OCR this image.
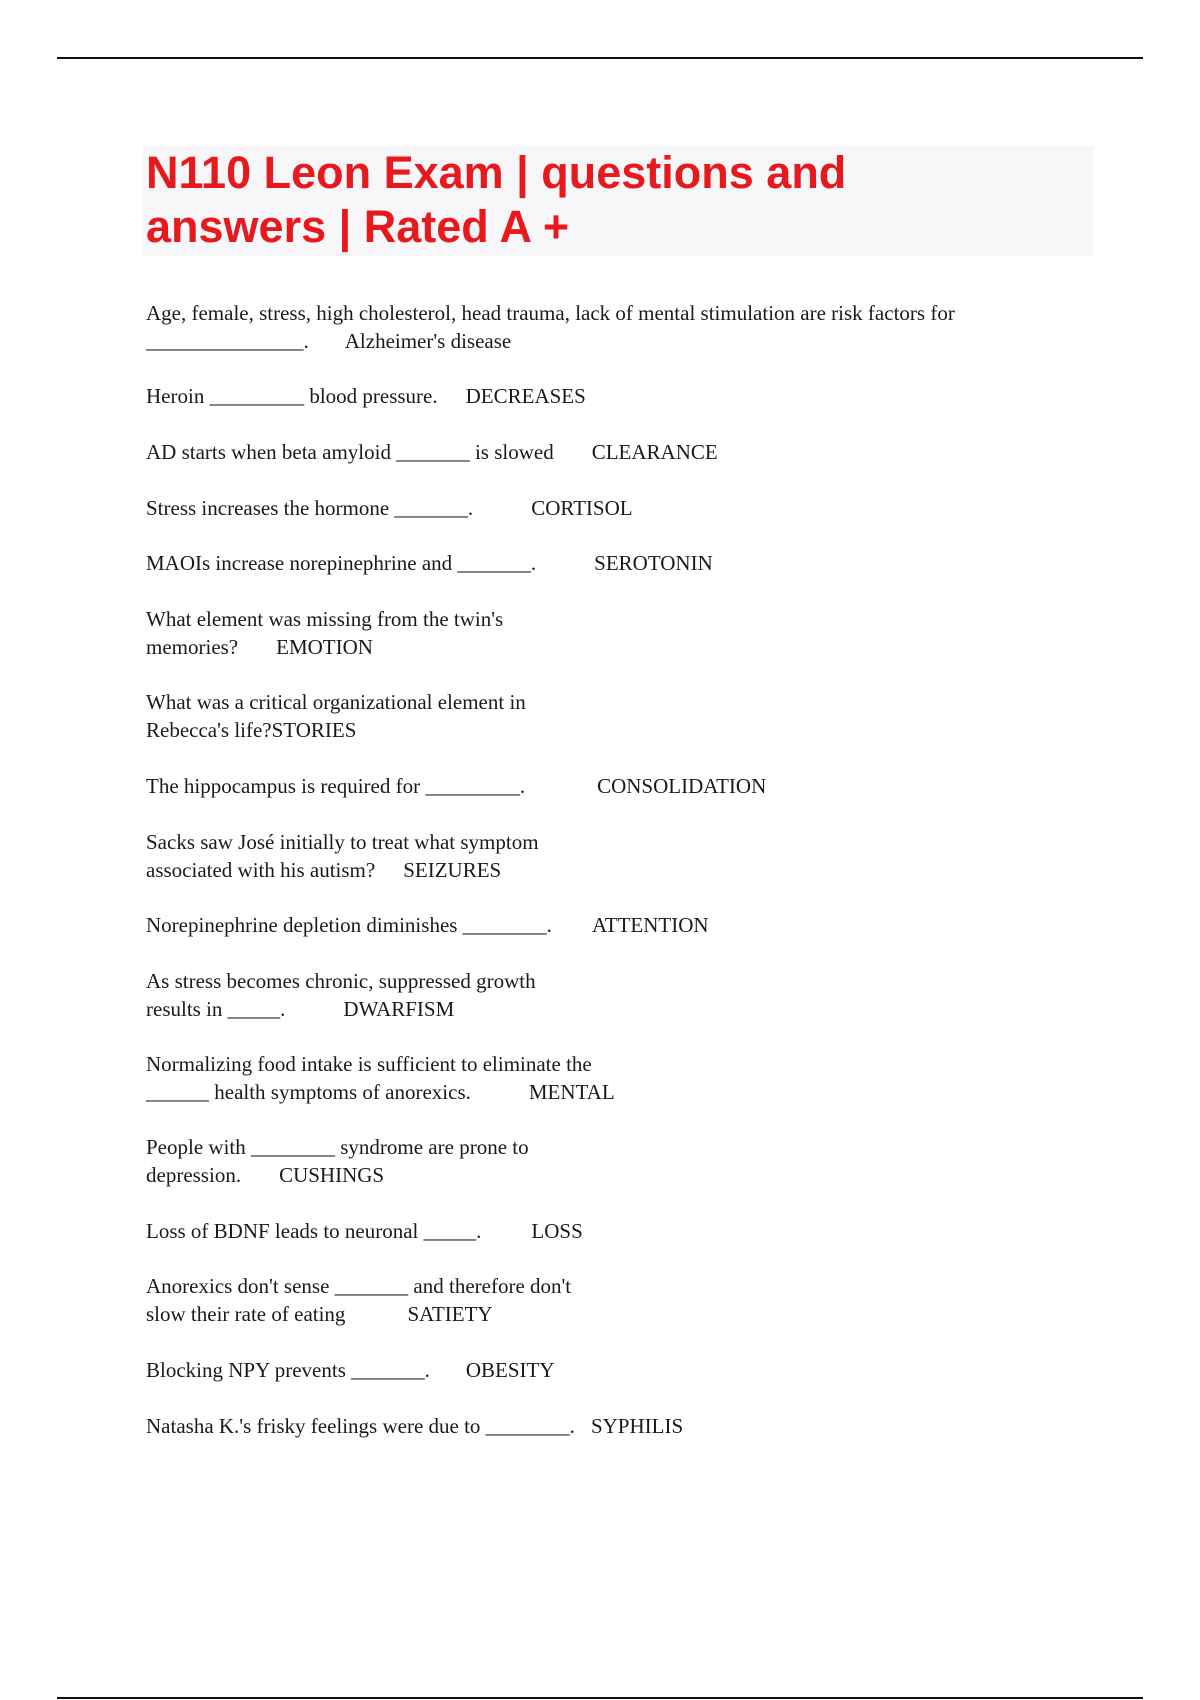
N110 Leon Exam | questions and
answers | Rated A +
Age, female, stress, high cholesterol, head trauma, lack of mental stimulation are risk factors for
_______________. Alzheimer's disease
Heroin _________ blood pressure. DECREASES
AD starts when beta amyloid _______ is slowed CLEARANCE
Stress increases the hormone _______.	CORTISOL
MAOIs increase norepinephrine and _______.	SEROTONIN
What element was missing from the twin's
memories? EMOTION
What was a critical organizational element in
Rebecca's life?STORIES
The hippocampus is required for _________.	CONSOLIDATION
Sacks saw José initially to treat what symptom
associated with his autism? SEIZURES
Norepinephrine depletion diminishes ________. ATTENTION
As stress becomes chronic, suppressed growth
results in _____.	DWARFISM
Normalizing food intake is sufficient to eliminate the
______ health symptoms of anorexics.	MENTAL
People with ________ syndrome are prone to
depression. CUSHINGS
Loss of BDNF leads to neuronal _____. LOSS
Anorexics don't sense _______ and therefore don't
slow their rate of eating	SATIETY
Blocking NPY prevents _______. OBESITY
Natasha K.'s frisky feelings were due to ________. SYPHILIS
